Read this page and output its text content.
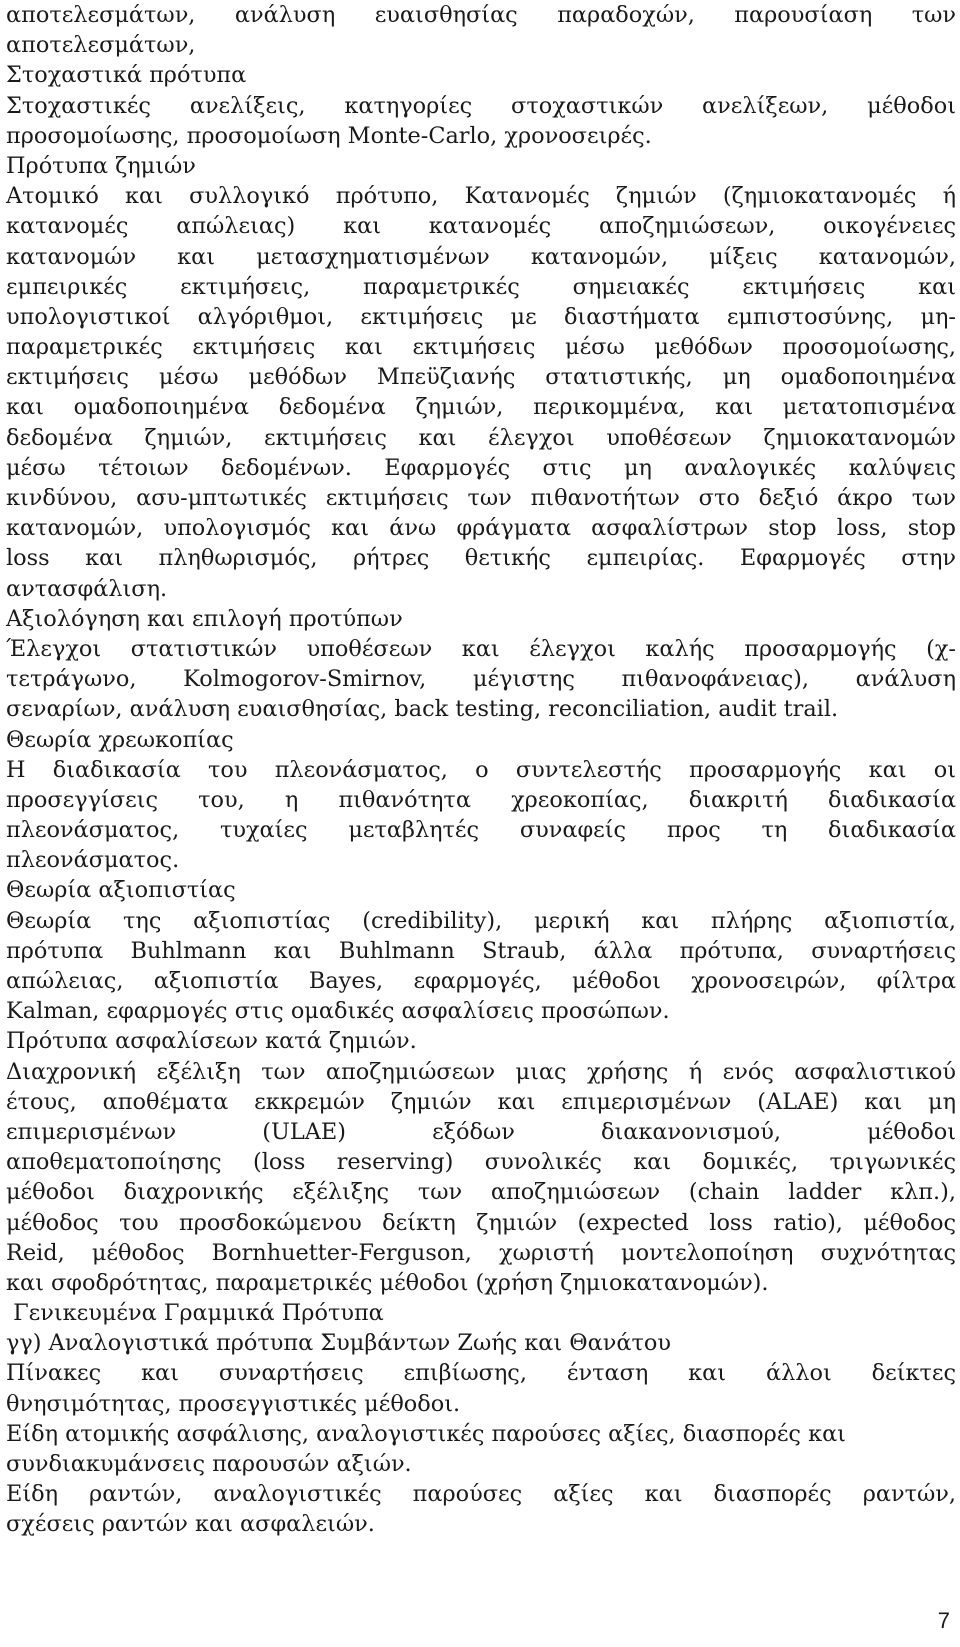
αποτελεσμάτων, ανάλυση ευαισθησίας παραδοχών, παρουσίαση των
αποτελεσμάτων,
Στοχαστικά πρότυπα
Στοχαστικές ανελίξεις, κατηγορίες στοχαστικών ανελίξεων, μέθοδοι
προσομοίωσης, προσομοίωση Monte-Carlo, χρονοσειρές.
Πρότυπα ζημιών
Ατομικό και συλλογικό πρότυπο, Κατανομές ζημιών (ζημιοκατανομές ή
κατανομές απώλειας) και κατανομές αποζημιώσεων, οικογένειες
κατανομών και μετασχηματισμένων κατανομών, μίξεις κατανομών,
εμπειρικές εκτιμήσεις, παραμετρικές σημειακές εκτιμήσεις και
υπολογιστικοί αλγόριθμοι, εκτιμήσεις με διαστήματα εμπιστοσύνης, μη-
παραμετρικές εκτιμήσεις και εκτιμήσεις μέσω μεθόδων προσομοίωσης,
εκτιμήσεις μέσω μεθόδων Μπεϋζιανής στατιστικής, μη ομαδοποιημένα
και ομαδοποιημένα δεδομένα ζημιών, περικομμένα, και μετατοπισμένα
δεδομένα ζημιών, εκτιμήσεις και έλεγχοι υποθέσεων ζημιοκατανομών
μέσω τέτοιων δεδομένων. Εφαρμογές στις μη αναλογικές καλύψεις
κινδύνου, ασυ-μπτωτικές εκτιμήσεις των πιθανοτήτων στο δεξιό άκρο των
κατανομών, υπολογισμός και άνω φράγματα ασφαλίστρων stop loss, stop
loss και πληθωρισμός, ρήτρες θετικής εμπειρίας. Εφαρμογές στην
αντασφάλιση.
Αξιολόγηση και επιλογή προτύπων
Έλεγχοι στατιστικών υποθέσεων και έλεγχοι καλής προσαρμογής (χ-
τετράγωνο, Kolmogorov-Smirnov, μέγιστης πιθανοφάνειας), ανάλυση
σεναρίων, ανάλυση ευαισθησίας, back testing, reconciliation, audit trail.
Θεωρία χρεωκοπίας
Η διαδικασία του πλεονάσματος, ο συντελεστής προσαρμογής και οι
προσεγγίσεις του, η πιθανότητα χρεοκοπίας, διακριτή διαδικασία
πλεονάσματος, τυχαίες μεταβλητές συναφείς προς τη διαδικασία
πλεονάσματος.
Θεωρία αξιοπιστίας
Θεωρία της αξιοπιστίας (credibility), μερική και πλήρης αξιοπιστία,
πρότυπα Buhlmann και Buhlmann Straub, άλλα πρότυπα, συναρτήσεις
απώλειας, αξιοπιστία Bayes, εφαρμογές, μέθοδοι χρονοσειρών, φίλτρα
Kalman, εφαρμογές στις ομαδικές ασφαλίσεις προσώπων.
Πρότυπα ασφαλίσεων κατά ζημιών.
Διαχρονική εξέλιξη των αποζημιώσεων μιας χρήσης ή ενός ασφαλιστικού
έτους, αποθέματα εκκρεμών ζημιών και επιμερισμένων (ALAE) και μη
επιμερισμένων (ULAE) εξόδων διακανονισμού, μέθοδοι
αποθεματοποίησης (loss reserving) συνολικές και δομικές, τριγωνικές
μέθοδοι διαχρονικής εξέλιξης των αποζημιώσεων (chain ladder κλπ.),
μέθοδος του προσδοκώμενου δείκτη ζημιών (expected loss ratio), μέθοδος
Reid, μέθοδος Bornhuetter-Ferguson, χωριστή μοντελοποίηση συχνότητας
και σφοδρότητας, παραμετρικές μέθοδοι (χρήση ζημιοκατανομών).
Γενικευμένα Γραμμικά Πρότυπα
γγ) Αναλογιστικά πρότυπα Συμβάντων Ζωής και Θανάτου
Πίνακες και συναρτήσεις επιβίωσης, ένταση και άλλοι δείκτες
θνησιμότητας, προσεγγιστικές μέθοδοι.
Είδη ατομικής ασφάλισης, αναλογιστικές παρούσες αξίες, διασπορές και
συνδιακυμάνσεις παρουσών αξιών.
Είδη ραντών, αναλογιστικές παρούσες αξίες και διασπορές ραντών,
σχέσεις ραντών και ασφαλειών.
7
